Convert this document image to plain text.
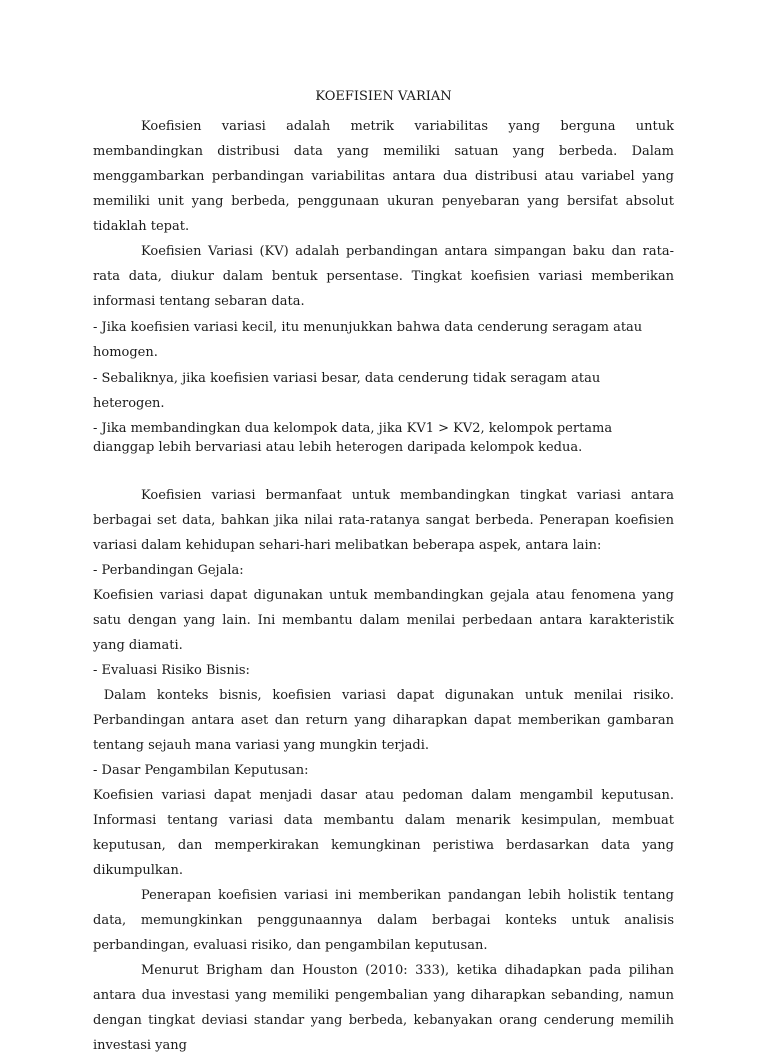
KOEFISIEN VARIAN

Koefisien variasi adalah metrik variabilitas yang berguna untuk membandingkan distribusi data yang memiliki satuan yang berbeda. Dalam menggambarkan perbandingan variabilitas antara dua distribusi atau variabel yang memiliki unit yang berbeda, penggunaan ukuran penyebaran yang bersifat absolut tidaklah tepat.

Koefisien Variasi (KV) adalah perbandingan antara simpangan baku dan rata-rata data, diukur dalam bentuk persentase. Tingkat koefisien variasi memberikan informasi tentang sebaran data.

- Jika koefisien variasi kecil, itu menunjukkan bahwa data cenderung seragam atau homogen.

- Sebaliknya, jika koefisien variasi besar, data cenderung tidak seragam atau heterogen.

- Jika membandingkan dua kelompok data, jika KV1 > KV2, kelompok pertama dianggap lebih bervariasi atau lebih heterogen daripada kelompok kedua.

Koefisien variasi bermanfaat untuk membandingkan tingkat variasi antara berbagai set data, bahkan jika nilai rata-ratanya sangat berbeda. Penerapan koefisien variasi dalam kehidupan sehari-hari melibatkan beberapa aspek, antara lain:

- Perbandingan Gejala:

Koefisien variasi dapat digunakan untuk membandingkan gejala atau fenomena yang satu dengan yang lain. Ini membantu dalam menilai perbedaan antara karakteristik yang diamati.

- Evaluasi Risiko Bisnis:

Dalam konteks bisnis, koefisien variasi dapat digunakan untuk menilai risiko. Perbandingan antara aset dan return yang diharapkan dapat memberikan gambaran tentang sejauh mana variasi yang mungkin terjadi.

- Dasar Pengambilan Keputusan:

Koefisien variasi dapat menjadi dasar atau pedoman dalam mengambil keputusan. Informasi tentang variasi data membantu dalam menarik kesimpulan, membuat keputusan, dan memperkirakan kemungkinan peristiwa berdasarkan data yang dikumpulkan.

Penerapan koefisien variasi ini memberikan pandangan lebih holistik tentang data, memungkinkan penggunaannya dalam berbagai konteks untuk analisis perbandingan, evaluasi risiko, dan pengambilan keputusan.

Menurut Brigham dan Houston (2010: 333), ketika dihadapkan pada pilihan antara dua investasi yang memiliki pengembalian yang diharapkan sebanding, namun dengan tingkat deviasi standar yang berbeda, kebanyakan orang cenderung memilih investasi yang
